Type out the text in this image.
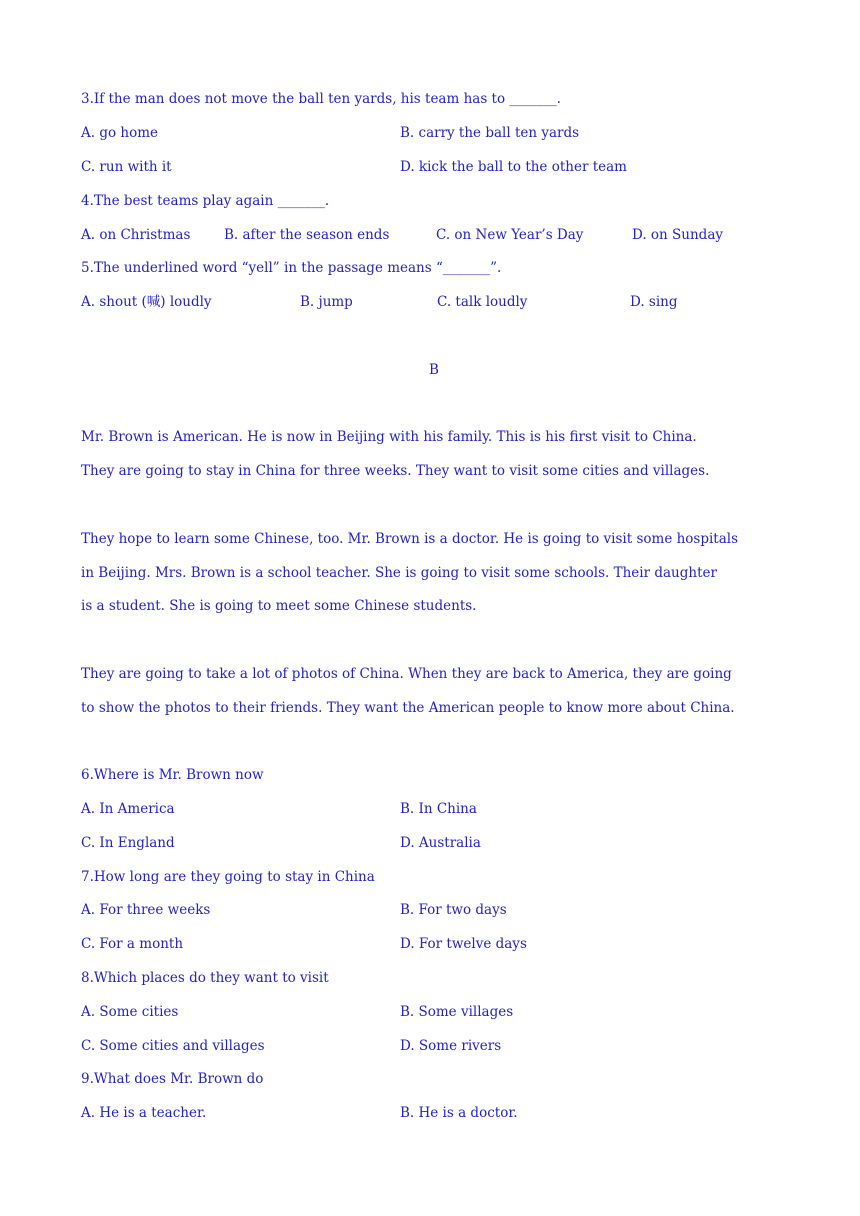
3.If the man does not move the ball ten yards, his team has to _______.
A. go home	B. carry the ball ten yards
C. run with it	D. kick the ball to the other team
4.The best teams play again _______.
A. on Christmas B. after the season ends	C. on New Year’s Day	D. on Sunday
5.The underlined word “yell” in the passage means “_______”.
A. shout (喊) loudly	B. jump	C. talk loudly	D. sing
B
Mr. Brown is American. He is now in Beijing with his family. This is his first visit to China.
They are going to stay in China for three weeks. They want to visit some cities and villages.
They hope to learn some Chinese, too. Mr. Brown is a doctor. He is going to visit some hospitals
in Beijing. Mrs. Brown is a school teacher. She is going to visit some schools. Their daughter
is a student. She is going to meet some Chinese students.
They are going to take a lot of photos of China. When they are back to America, they are going
to show the photos to their friends. They want the American people to know more about China.
6.Where is Mr. Brown now
A. In America	B. In China
C. In England	D. Australia
7.How long are they going to stay in China
A. For three weeks	B. For two days
C. For a month	D. For twelve days
8.Which places do they want to visit
A. Some cities	B. Some villages
C. Some cities and villages	D. Some rivers
9.What does Mr. Brown do
A. He is a teacher.	B. He is a doctor.
